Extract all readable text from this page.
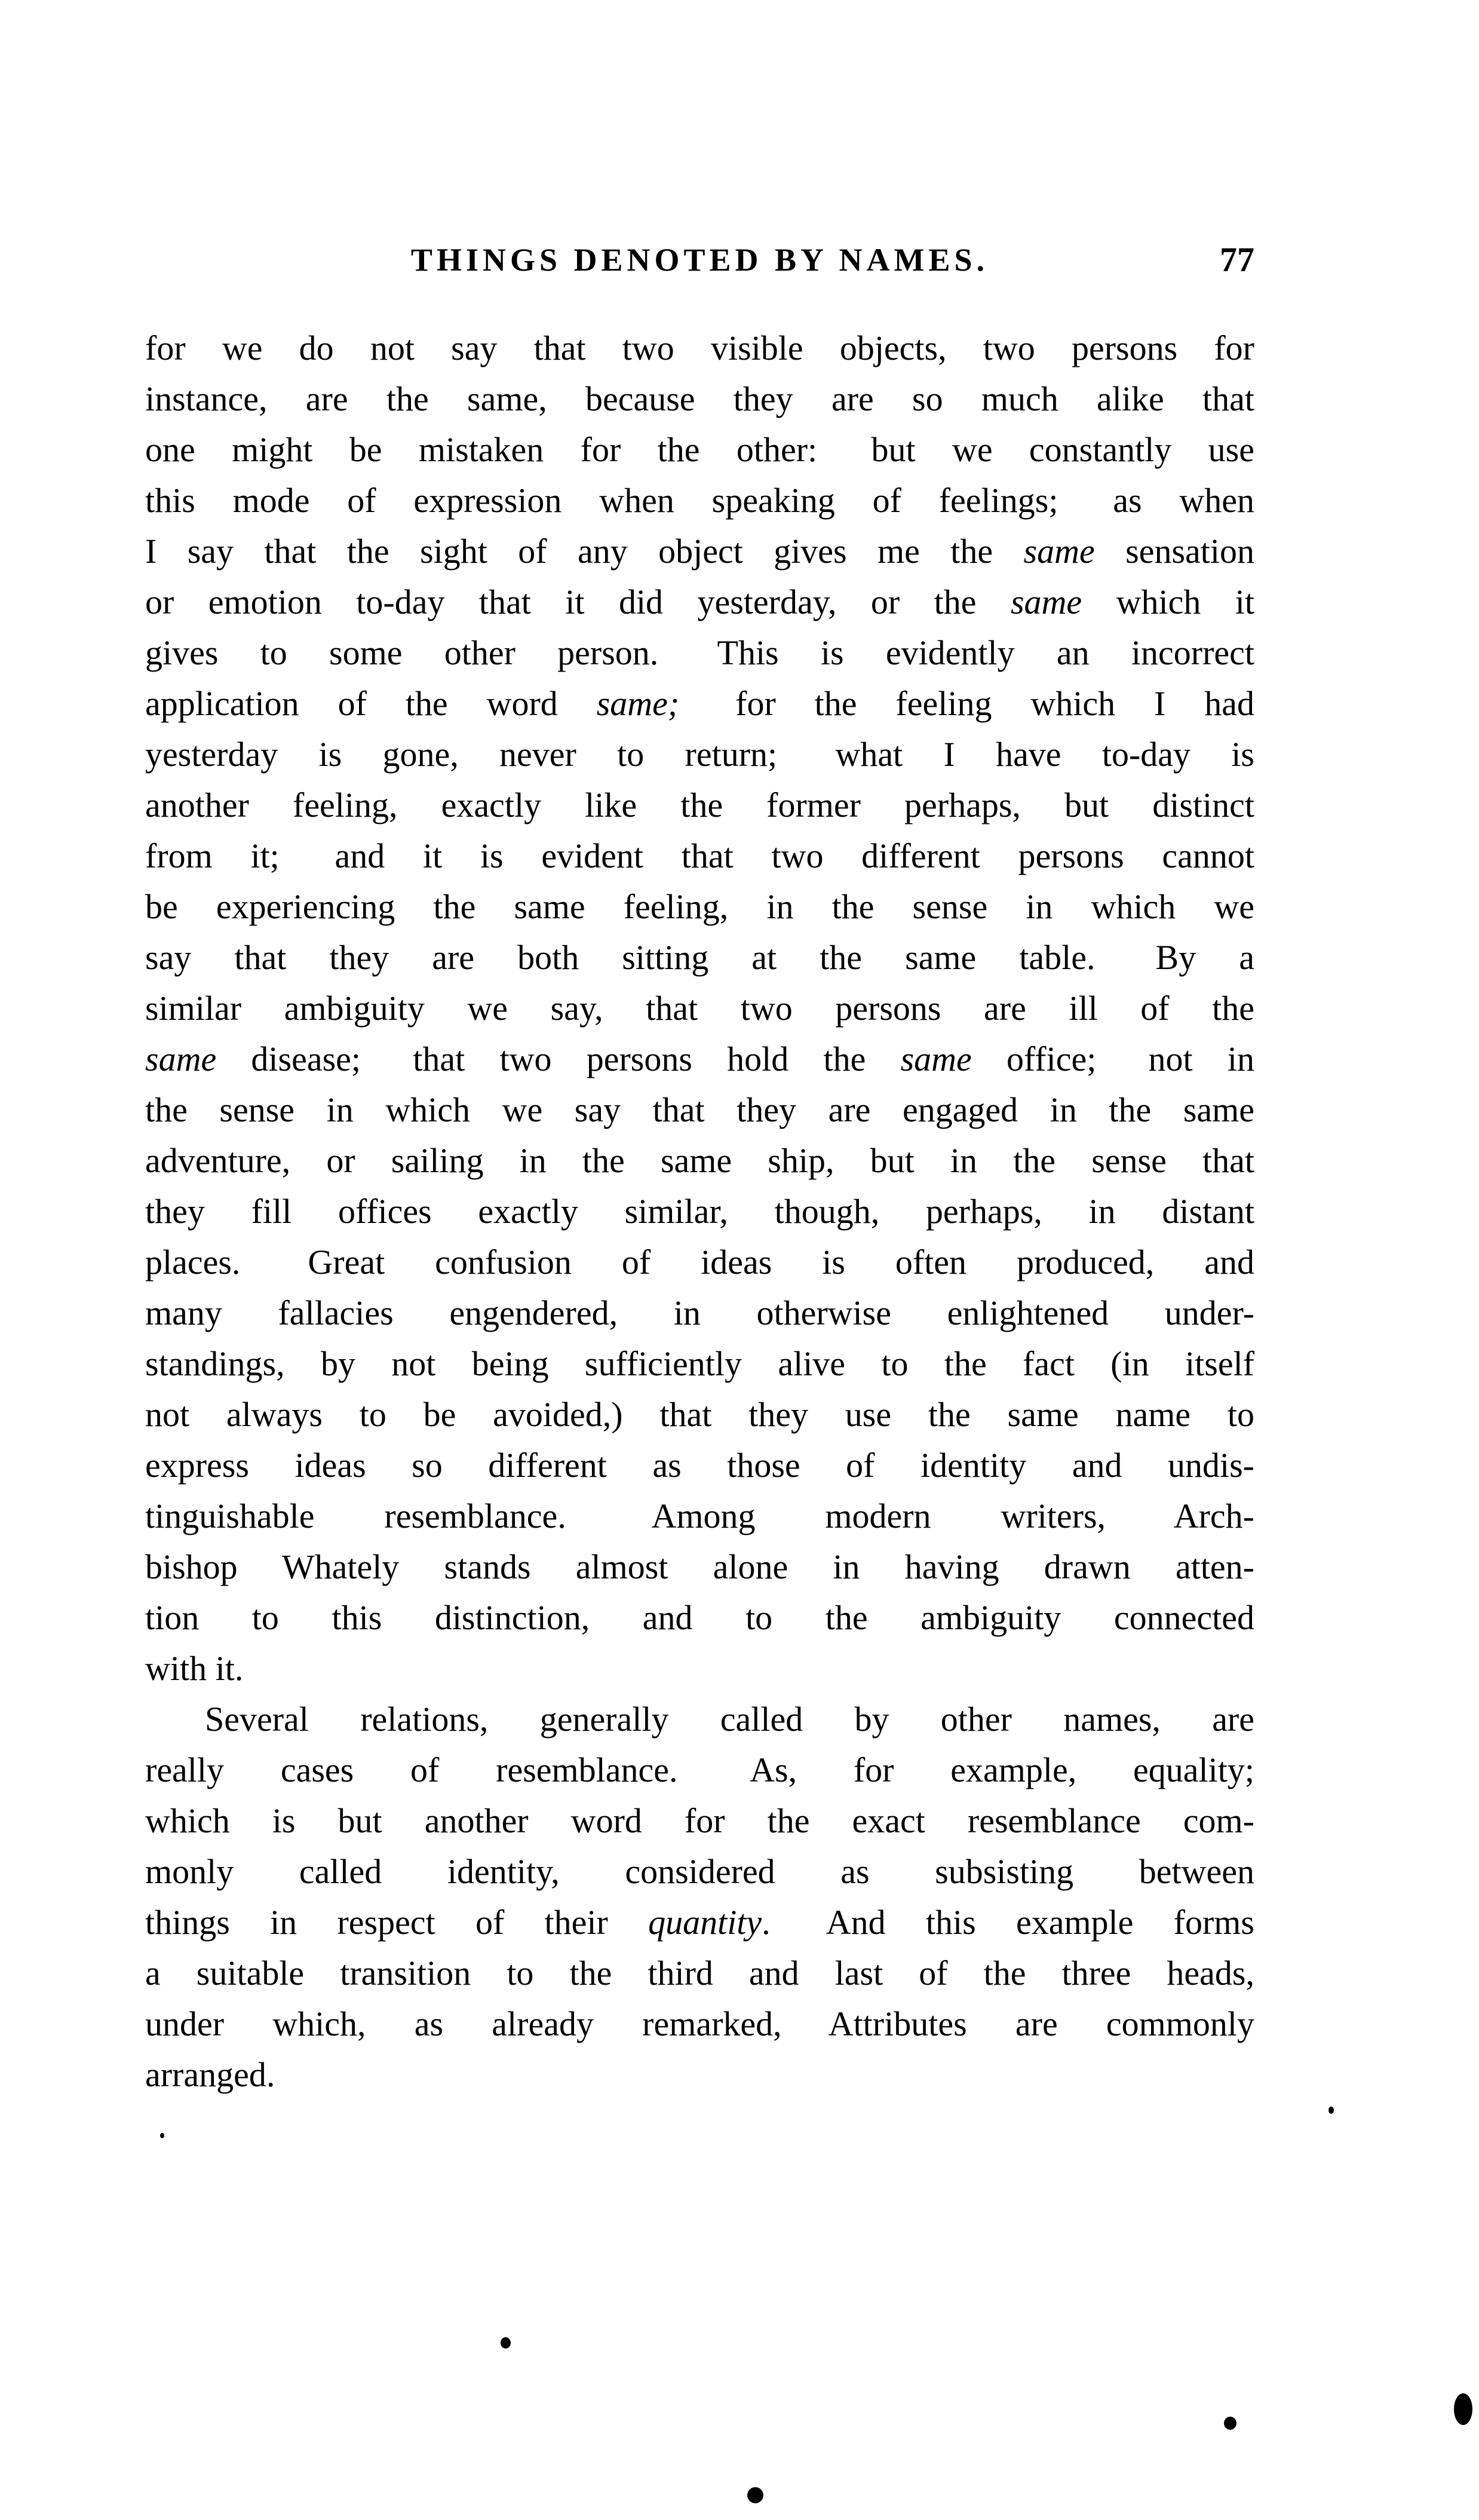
THINGS DENOTED BY NAMES.	77
for we do not say that two visible objects, two persons for
instance, are the same, because they are so much alike that
one might be mistaken for the other:  but we constantly use
this mode of expression when speaking of feelings;  as when
I say that the sight of any object gives me the same sensation
or emotion to-day that it did yesterday, or the same which it
gives to some other person.  This is evidently an incorrect
application of the word same;  for the feeling which I had
yesterday is gone, never to return;  what I have to-day is
another feeling, exactly like the former perhaps, but distinct
from it;  and it is evident that two different persons cannot
be experiencing the same feeling, in the sense in which we
say that they are both sitting at the same table.  By a
similar ambiguity we say, that two persons are ill of the
same disease;  that two persons hold the same office;  not in
the sense in which we say that they are engaged in the same
adventure, or sailing in the same ship, but in the sense that
they fill offices exactly similar, though, perhaps, in distant
places.  Great confusion of ideas is often produced, and
many fallacies engendered, in otherwise enlightened under-
standings, by not being sufficiently alive to the fact (in itself
not always to be avoided,) that they use the same name to
express ideas so different as those of identity and undis-
tinguishable resemblance.  Among modern writers, Arch-
bishop Whately stands almost alone in having drawn atten-
tion to this distinction, and to the ambiguity connected
with it.
Several relations, generally called by other names, are
really cases of resemblance.  As, for example, equality;
which is but another word for the exact resemblance com-
monly called identity, considered as subsisting between
things in respect of their quantity.  And this example forms
a suitable transition to the third and last of the three heads,
under which, as already remarked, Attributes are commonly
arranged.
